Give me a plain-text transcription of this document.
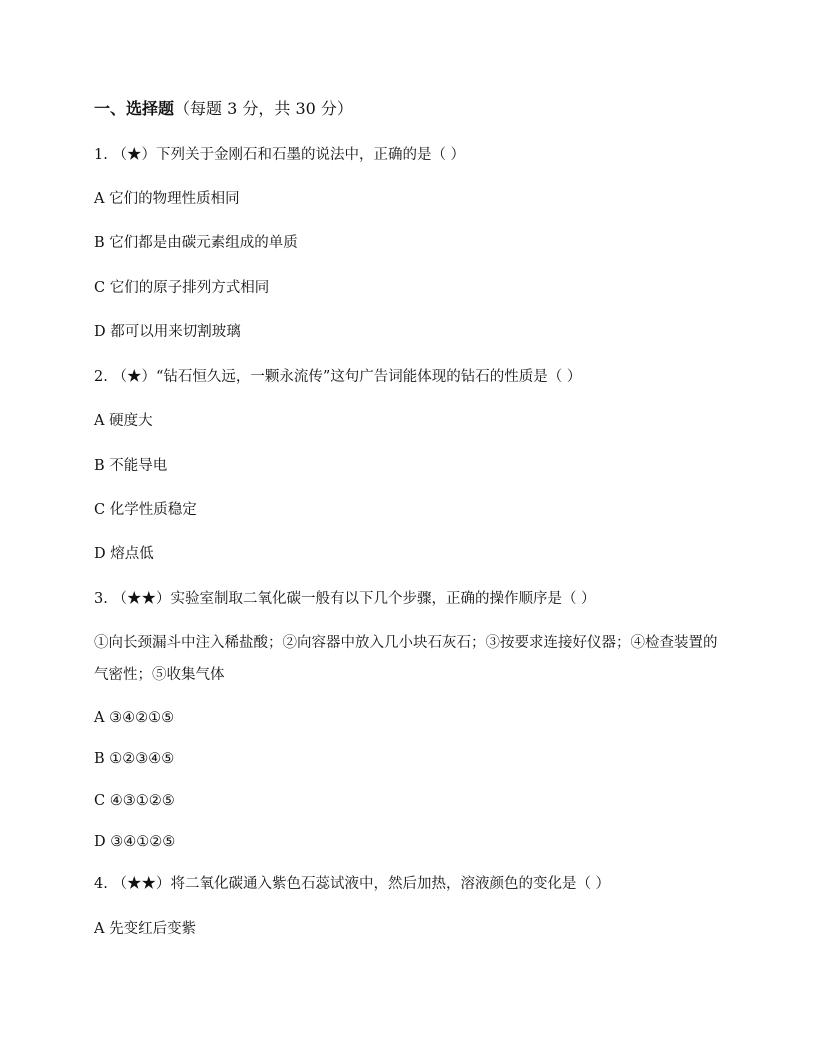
一、选择题（每题 3 分，共 30 分）
1. （★）下列关于金刚石和石墨的说法中，正确的是（ ）
A 它们的物理性质相同
B 它们都是由碳元素组成的单质
C 它们的原子排列方式相同
D 都可以用来切割玻璃
2. （★）“钻石恒久远，一颗永流传”这句广告词能体现的钻石的性质是（ ）
A 硬度大
B 不能导电
C 化学性质稳定
D 熔点低
3. （★★）实验室制取二氧化碳一般有以下几个步骤，正确的操作顺序是（ ）
①向长颈漏斗中注入稀盐酸；②向容器中放入几小块石灰石；③按要求连接好仪器；④检查装置的气密性；⑤收集气体
A ③④②①⑤
B ①②③④⑤
C ④③①②⑤
D ③④①②⑤
4. （★★）将二氧化碳通入紫色石蕊试液中，然后加热，溶液颜色的变化是（ ）
A 先变红后变紫
